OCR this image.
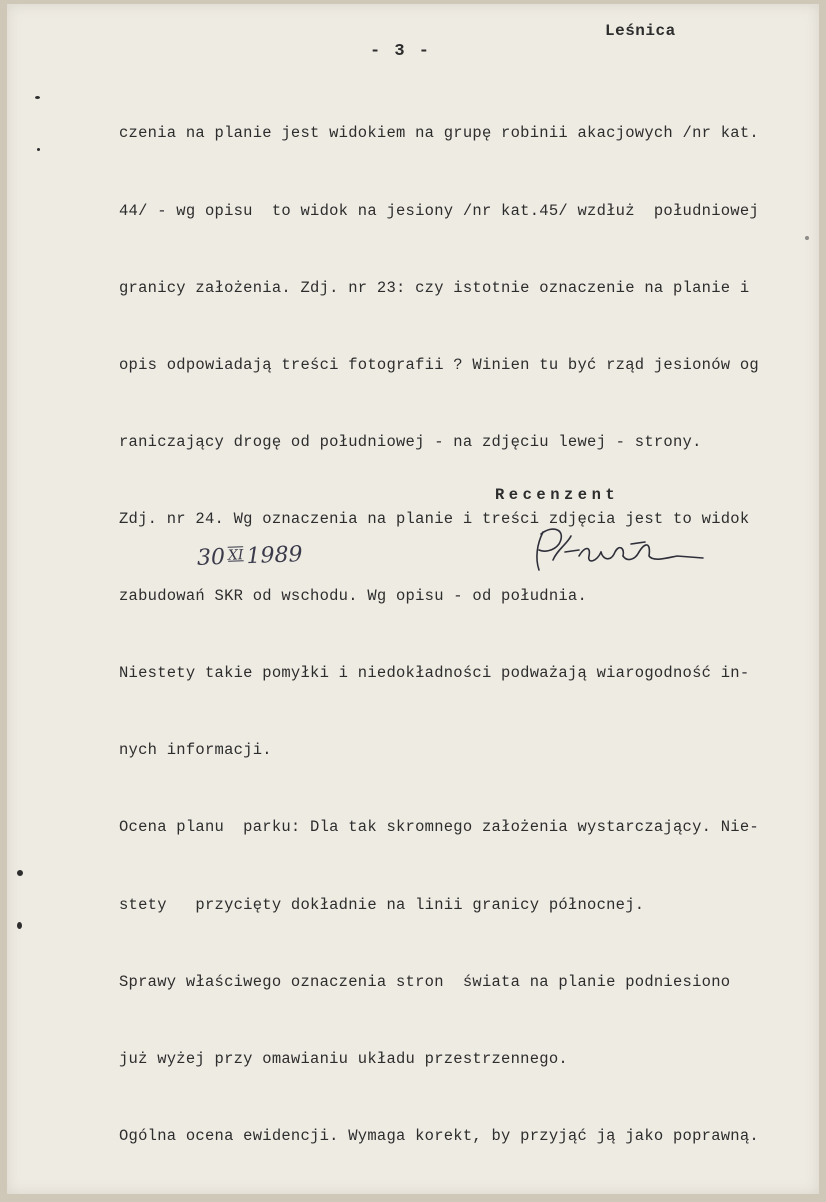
Leśnica
- 3 -

czenia na planie jest widokiem na grupę robinii akacjowych /nr kat.

44/ - wg opisu  to widok na jesiony /nr kat.45/ wzdłuż  południowej

granicy założenia. Zdj. nr 23: czy istotnie oznaczenie na planie i

opis odpowiadają treści fotografii ? Winien tu być rząd jesionów og

raniczający drogę od południowej - na zdjęciu lewej - strony.

Zdj. nr 24. Wg oznaczenia na planie i treści zdjęcia jest to widok

zabudowań SKR od wschodu. Wg opisu - od południa.

Niestety takie pomyłki i niedokładności podważają wiarogodność in-

nych informacji.

Ocena planu  parku: Dla tak skromnego założenia wystarczający. Nie-

stety   przycięty dokładnie na linii granicy północnej.

Sprawy właściwego oznaczenia stron  świata na planie podniesiono

już wyżej przy omawianiu układu przestrzennego.

Ogólna ocena ewidencji. Wymaga korekt, by przyjąć ją jako poprawną.

Recenzent
30 XI 1989
